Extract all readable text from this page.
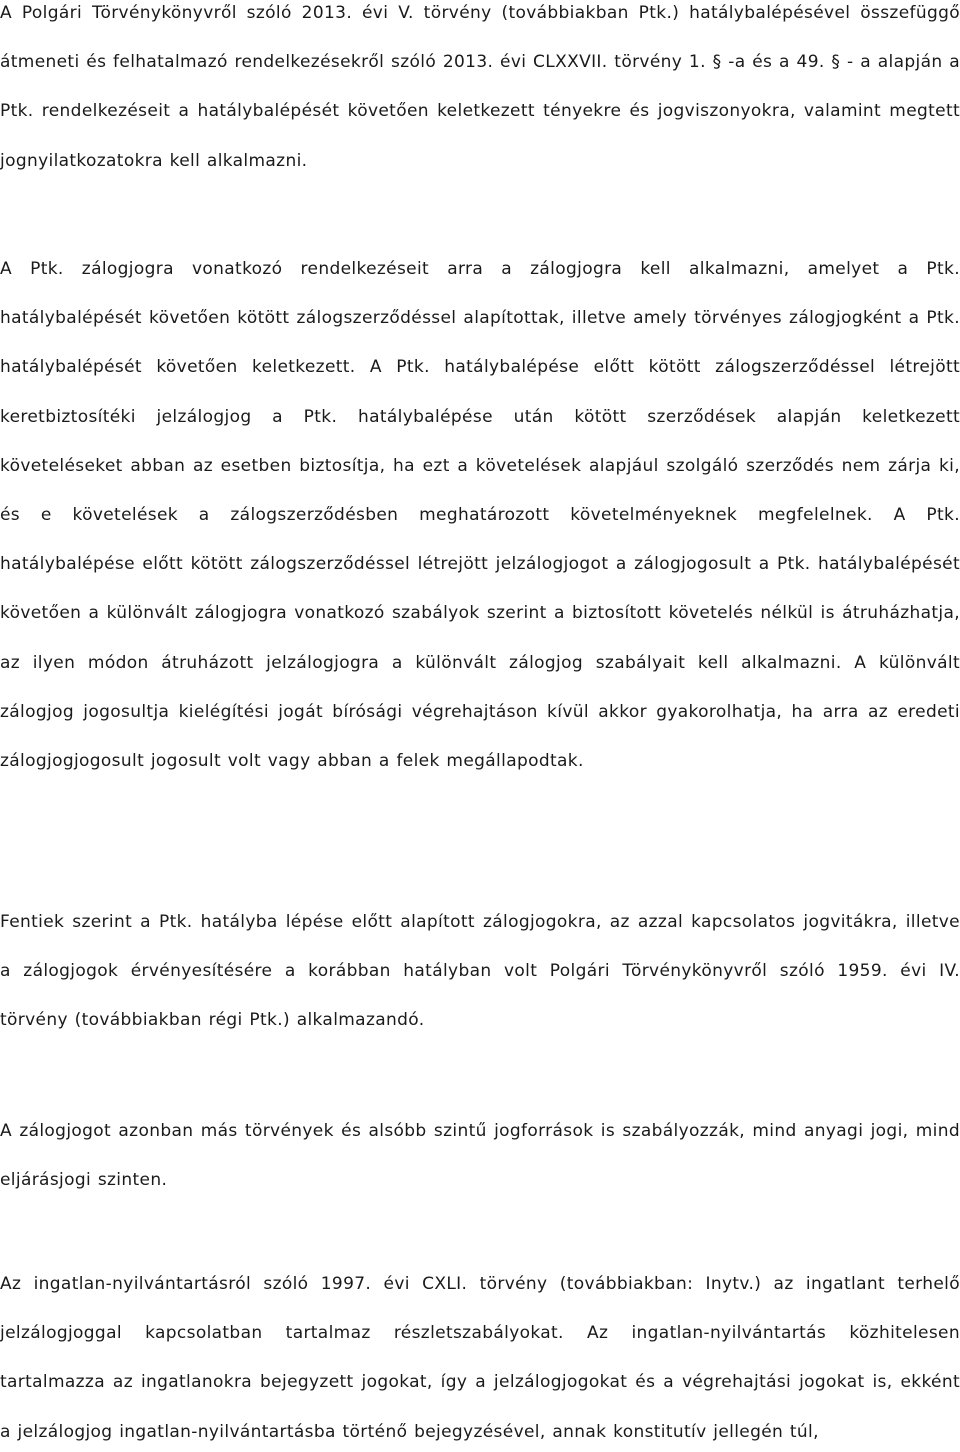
A Polgári Törvénykönyvről szóló 2013. évi V. törvény (továbbiakban Ptk.) hatálybalépésével összefüggő átmeneti és felhatalmazó rendelkezésekről szóló 2013. évi CLXXVII. törvény 1. § -a és a 49. § - a alapján a Ptk. rendelkezéseit a hatálybalépését követően keletkezett tényekre és jogviszonyokra, valamint megtett jognyilatkozatokra kell alkalmazni.

A Ptk. zálogjogra vonatkozó rendelkezéseit arra a zálogjogra kell alkalmazni, amelyet a Ptk. hatálybalépését követően kötött zálogszerződéssel alapítottak, illetve amely törvényes zálogjogként a Ptk. hatálybalépését követően keletkezett. A Ptk. hatálybalépése előtt kötött zálogszerződéssel létrejött keretbiztosítéki jelzálogjog a Ptk. hatálybalépése után kötött szerződések alapján keletkezett követeléseket abban az esetben biztosítja, ha ezt a követelések alapjául szolgáló szerződés nem zárja ki, és e követelések a zálogszerződésben meghatározott követelményeknek megfelelnek. A Ptk. hatálybalépése előtt kötött zálogszerződéssel létrejött jelzálogjogot a zálogjogosult a Ptk. hatálybalépését követően a különvált zálogjogra vonatkozó szabályok szerint a biztosított követelés nélkül is átruházhatja, az ilyen módon átruházott jelzálogjogra a különvált zálogjog szabályait kell alkalmazni. A különvált zálogjog jogosultja kielégítési jogát bírósági végrehajtáson kívül akkor gyakorolhatja, ha arra az eredeti zálogjogjogosult jogosult volt vagy abban a felek megállapodtak.

Fentiek szerint a Ptk. hatályba lépése előtt alapított zálogjogokra, az azzal kapcsolatos jogvitákra, illetve a zálogjogok érvényesítésére a korábban hatályban volt Polgári Törvénykönyvről szóló 1959. évi IV. törvény (továbbiakban régi Ptk.) alkalmazandó.

A zálogjogot azonban más törvények és alsóbb szintű jogforrások is szabályozzák, mind anyagi jogi, mind eljárásjogi szinten.

Az ingatlan-nyilvántartásról szóló 1997. évi CXLI. törvény (továbbiakban: Inytv.) az ingatlant terhelő jelzálogjoggal kapcsolatban tartalmaz részletszabályokat. Az ingatlan-nyilvántartás közhitelesen tartalmazza az ingatlanokra bejegyzett jogokat, így a jelzálogjogokat és a végrehajtási jogokat is, ekként a jelzálogjog ingatlan-nyilvántartásba történő bejegyzésével, annak konstitutív jellegén túl,
